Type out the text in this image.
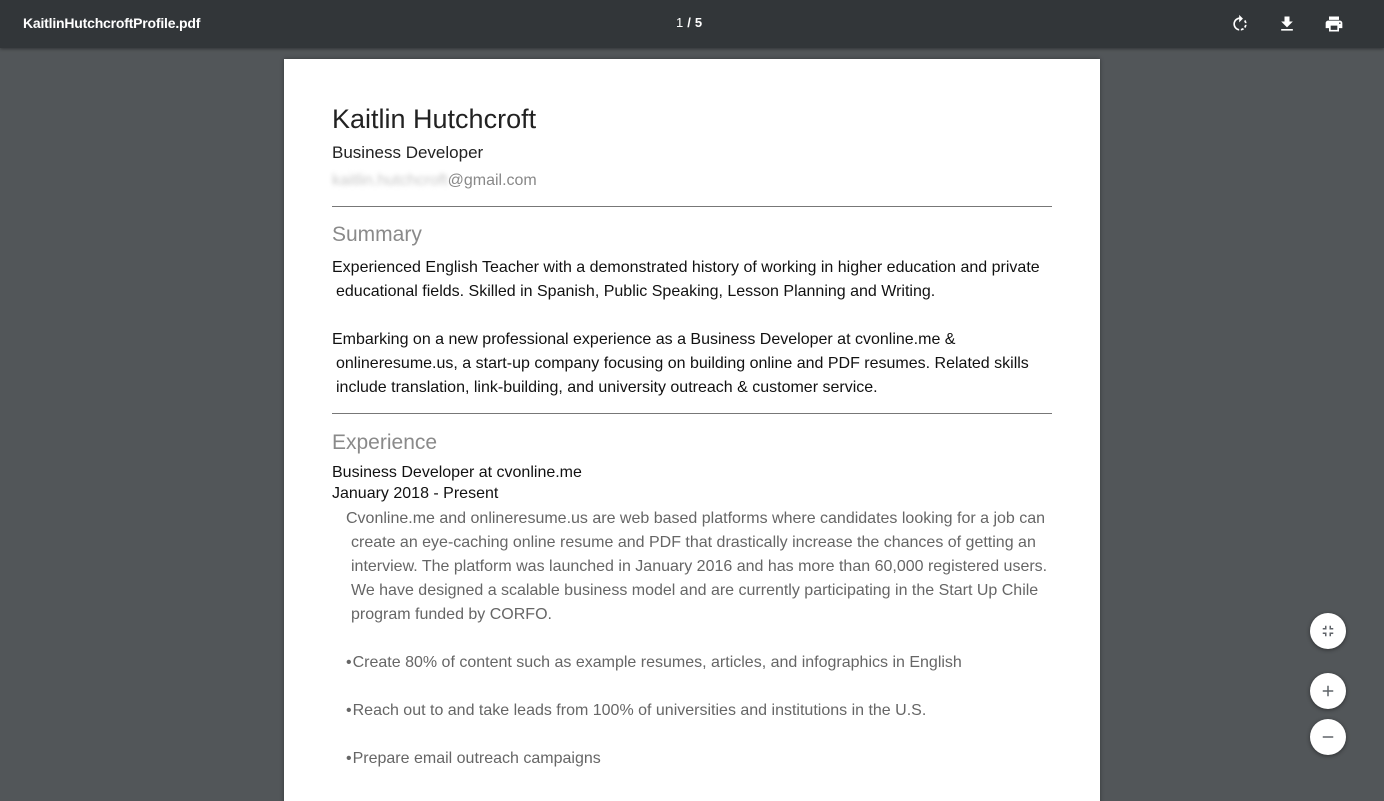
KaitlinHutchcroftProfile.pdf	1 / 5
Kaitlin Hutchcroft
Business Developer
kaitlin.hutchcroft@gmail.com
Summary
Experienced English Teacher with a demonstrated history of working in higher education and private
educational fields. Skilled in Spanish, Public Speaking, Lesson Planning and Writing.
Embarking on a new professional experience as a Business Developer at cvonline.me &
onlineresume.us, a start-up company focusing on building online and PDF resumes. Related skills
include translation, link-building, and university outreach & customer service.
Experience
Business Developer at cvonline.me
January 2018 - Present
Cvonline.me and onlineresume.us are web based platforms where candidates looking for a job can
create an eye-caching online resume and PDF that drastically increase the chances of getting an
interview. The platform was launched in January 2016 and has more than 60,000 registered users.
We have designed a scalable business model and are currently participating in the Start Up Chile
program funded by CORFO.
•Create 80% of content such as example resumes, articles, and infographics in English
•Reach out to and take leads from 100% of universities and institutions in the U.S.
•Prepare email outreach campaigns
